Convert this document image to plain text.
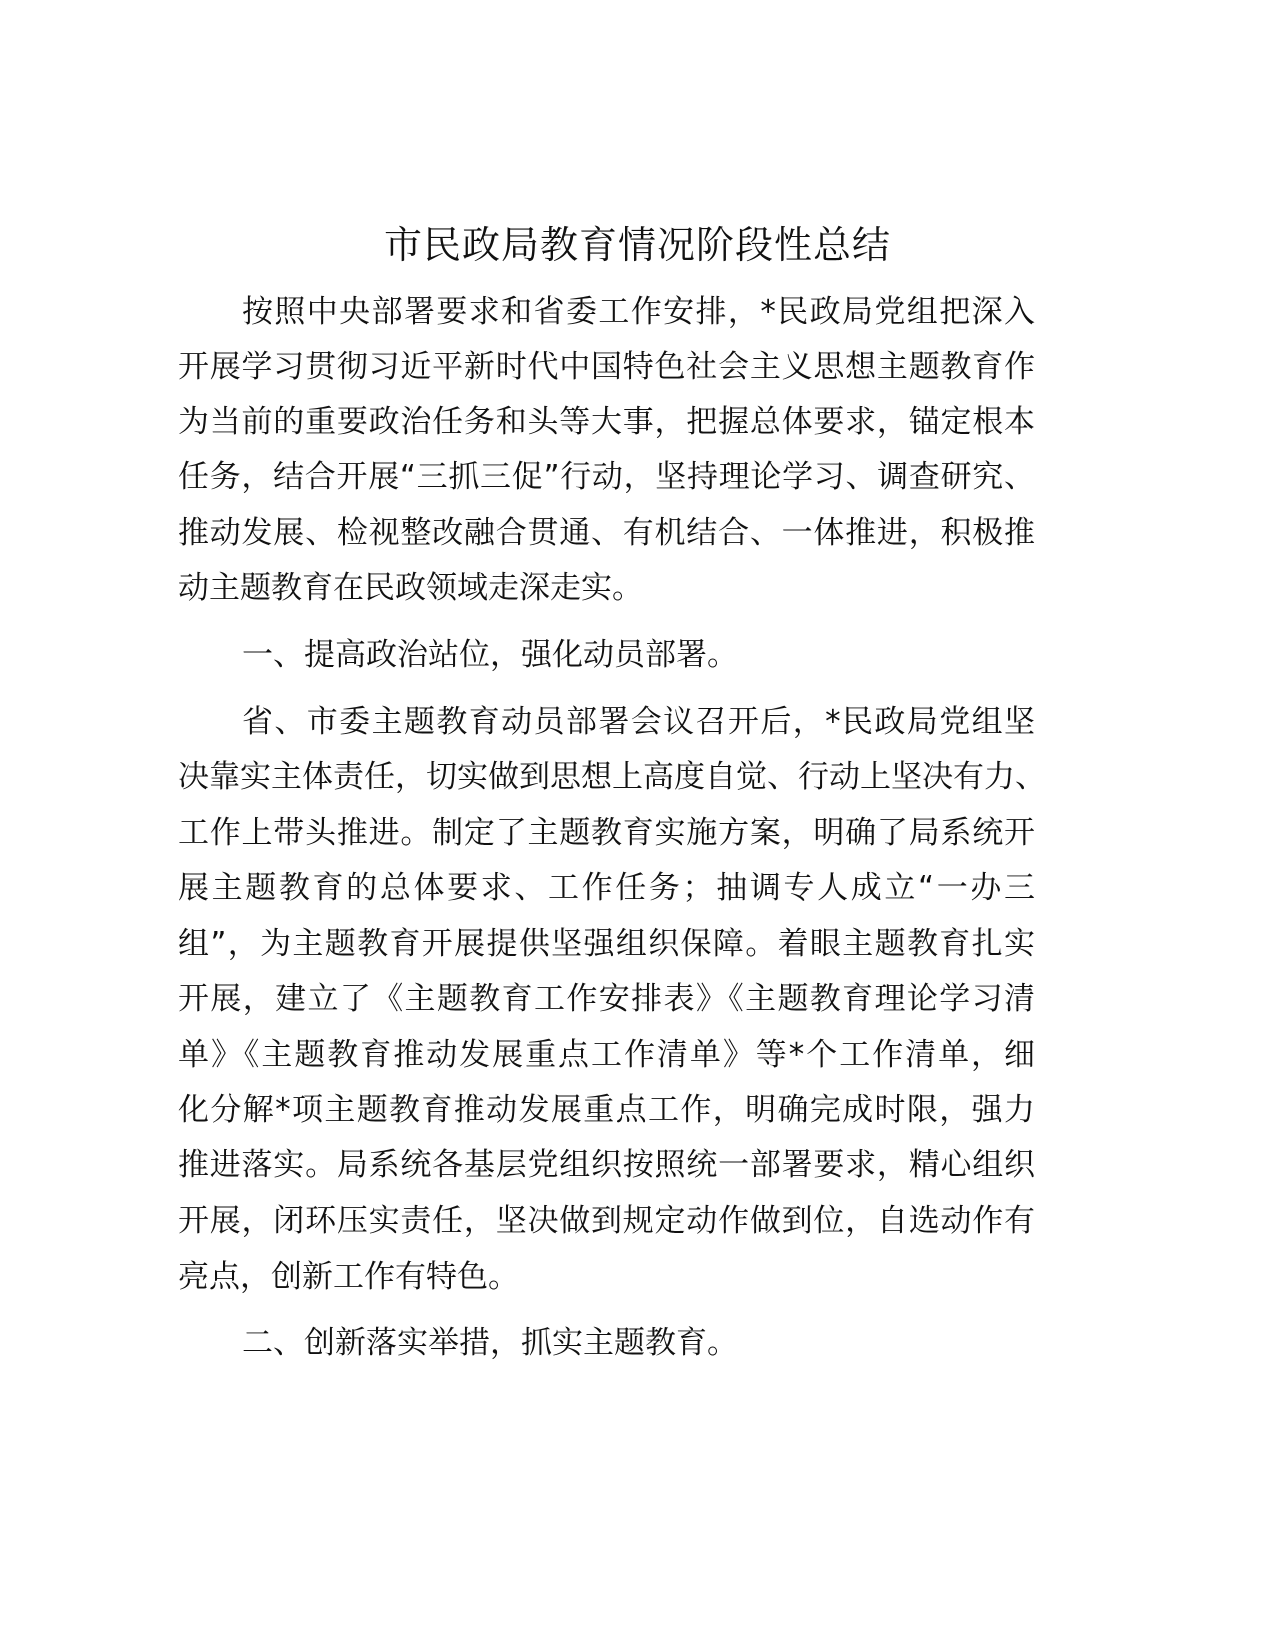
市民政局教育情况阶段性总结
按照中央部署要求和省委工作安排，*民政局党组把深入
开展学习贯彻习近平新时代中国特色社会主义思想主题教育作
为当前的重要政治任务和头等大事，把握总体要求，锚定根本
任务，结合开展“三抓三促”行动，坚持理论学习、调查研究、
推动发展、检视整改融合贯通、有机结合、一体推进，积极推
动主题教育在民政领域走深走实。
一、提高政治站位，强化动员部署。
省、市委主题教育动员部署会议召开后，*民政局党组坚
决靠实主体责任，切实做到思想上高度自觉、行动上坚决有力、
工作上带头推进。制定了主题教育实施方案，明确了局系统开
展主题教育的总体要求、工作任务；抽调专人成立“一办三
组”，为主题教育开展提供坚强组织保障。着眼主题教育扎实
开展，建立了《主题教育工作安排表》《主题教育理论学习清
单》《主题教育推动发展重点工作清单》等*个工作清单，细
化分解*项主题教育推动发展重点工作，明确完成时限，强力
推进落实。局系统各基层党组织按照统一部署要求，精心组织
开展，闭环压实责任，坚决做到规定动作做到位，自选动作有
亮点，创新工作有特色。
二、创新落实举措，抓实主题教育。
